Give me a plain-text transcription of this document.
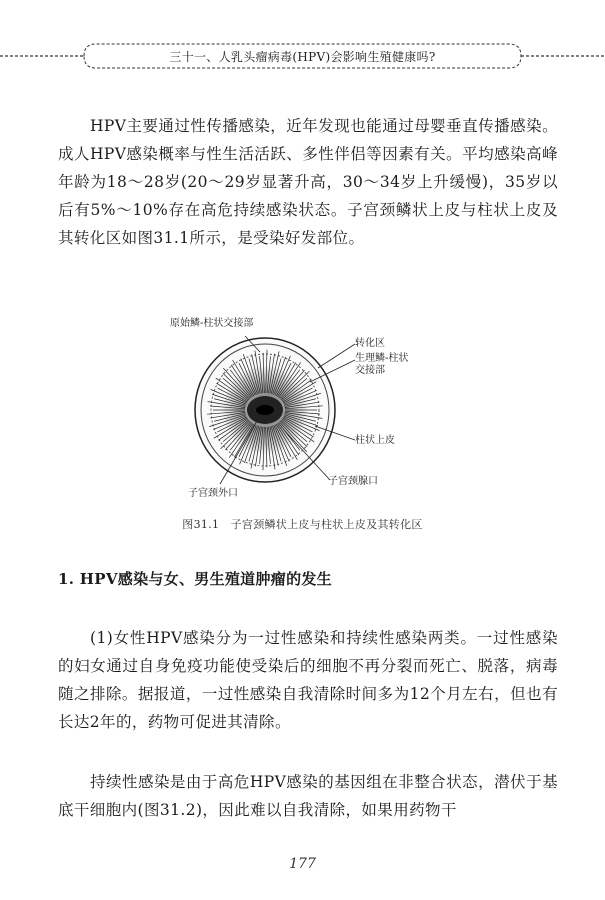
三十一、人乳头瘤病毒(HPV)会影响生殖健康吗?

HPV主要通过性传播感染，近年发现也能通过母婴垂直传播感染。成人HPV感染概率与性生活活跃、多性伴侣等因素有关。平均感染高峰年龄为18～28岁(20～29岁显著升高，30～34岁上升缓慢)，35岁以后有5%～10%存在高危持续感染状态。子宫颈鳞状上皮与柱状上皮及其转化区如图31.1所示，是受染好发部位。

原始鳞-柱状交接部
转化区
生理鳞-柱状交接部
柱状上皮
子宫颈腺口
子宫颈外口
图31.1　子宫颈鳞状上皮与柱状上皮及其转化区
1. HPV感染与女、男生殖道肿瘤的发生

(1)女性HPV感染分为一过性感染和持续性感染两类。一过性感染的妇女通过自身免疫功能使受染后的细胞不再分裂而死亡、脱落，病毒随之排除。据报道，一过性感染自我清除时间多为12个月左右，但也有长达2年的，药物可促进其清除。

持续性感染是由于高危HPV感染的基因组在非整合状态，潜伏于基底干细胞内(图31.2)，因此难以自我清除，如果用药物干

177
